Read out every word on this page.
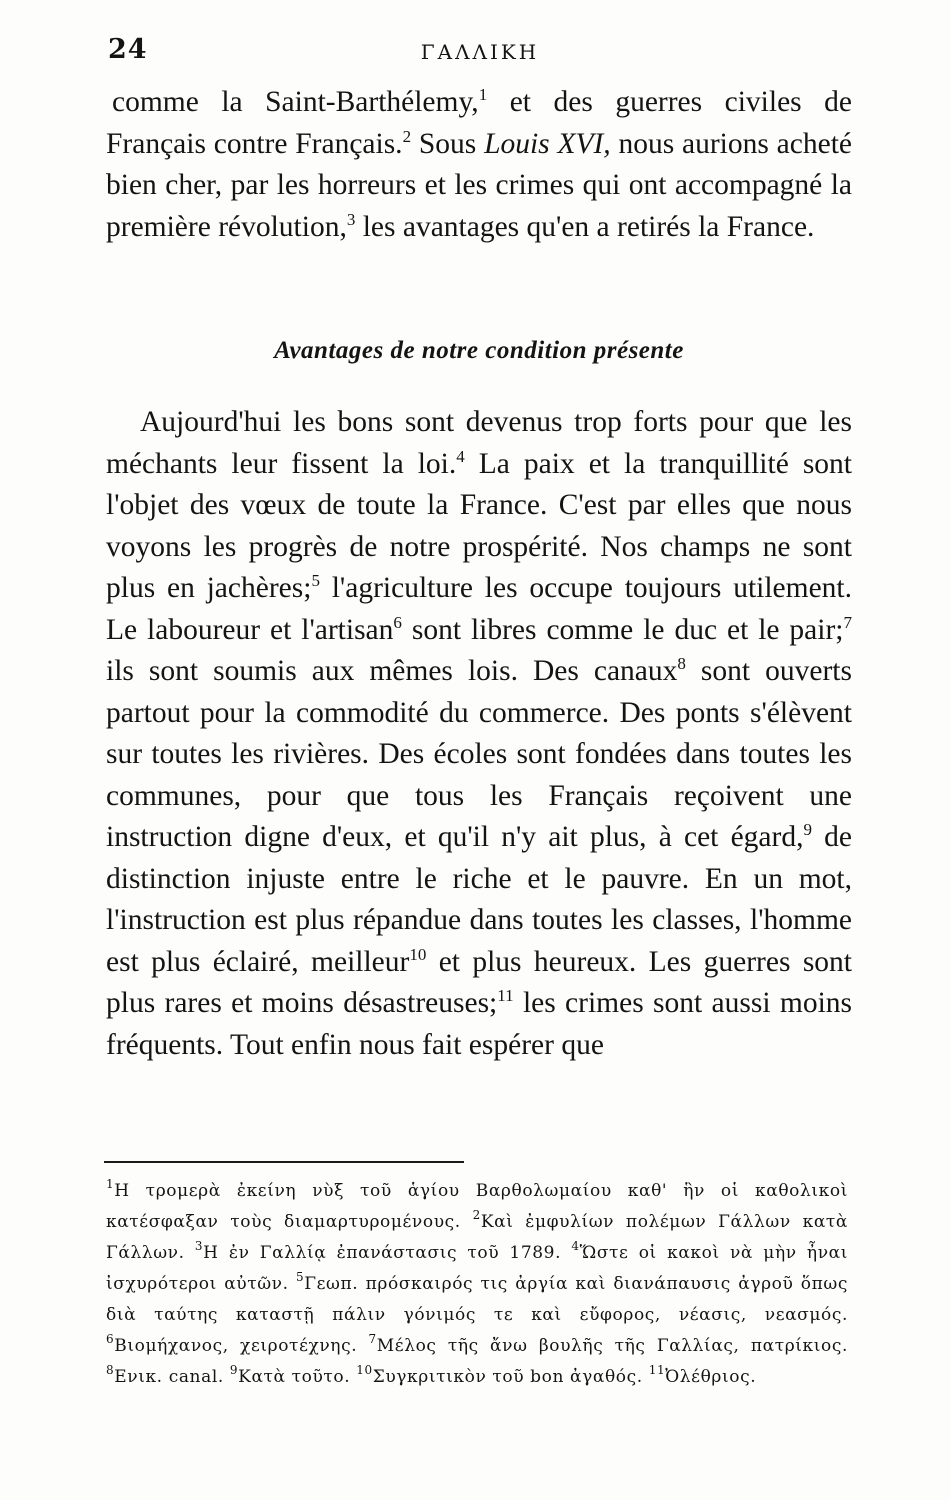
24	ΓΑΛΛΙΚΗ

comme la Saint-Barthélemy,$^1$ et des guerres civiles de Français contre Français.$^2$ Sous Louis XVI, nous aurions acheté bien cher, par les horreurs et les crimes qui ont accompagné la première révolution,$^3$ les avantages qu'en a retirés la France.

Avantages de notre condition présente

Aujourd'hui les bons sont devenus trop forts pour que les méchants leur fissent la loi.$^4$ La paix et la tranquillité sont l'objet des vœux de toute la France. C'est par elles que nous voyons les progrès de notre prospérité. Nos champs ne sont plus en jachères;$^5$ l'agriculture les occupe toujours utilement. Le laboureur et l'artisan$^6$ sont libres comme le duc et le pair;$^7$ ils sont soumis aux mêmes lois. Des canaux$^8$ sont ouverts partout pour la commodité du commerce. Des ponts s'élèvent sur toutes les rivières. Des écoles sont fondées dans toutes les communes, pour que tous les Français reçoivent une instruction digne d'eux, et qu'il n'y ait plus, à cet égard,$^9$ de distinction injuste entre le riche et le pauvre. En un mot, l'instruction est plus répandue dans toutes les classes, l'homme est plus éclairé, meilleur$^{10}$ et plus heureux. Les guerres sont plus rares et moins désastreuses;$^{11}$ les crimes sont aussi moins fréquents. Tout enfin nous fait espérer que

$^1$Η τρομερὰ ἐκείνη νὺξ τοῦ ἁγίου Βαρθολωμαίου καθ' ἣν οἱ καθολικοὶ κατέσφαξαν τοὺς διαμαρτυρομένους. $^2$Καὶ ἐμφυλίων πολέμων Γάλλων κατὰ Γάλλων. $^3$Η ἐν Γαλλίᾳ ἐπανάστασις τοῦ 1789. $^4$Ὥστε οἱ κακοὶ νὰ μὴν ἦναι ἰσχυρότεροι αὐτῶν. $^5$Γεωπ. πρόσκαιρός τις ἀργία καὶ διανάπαυσις ἀγροῦ ὅπως διὰ ταύτης καταστῇ πάλιν γόνιμός τε καὶ εὔφορος, νέασις, νεασμός. $^6$Βιομήχανος, χειροτέχνης. $^7$Μέλος τῆς ἄνω βουλῆς τῆς Γαλλίας, πατρίκιος. $^8$Ενικ. canal. $^9$Κατὰ τοῦτο. $^{10}$Συγκριτικὸν τοῦ bon ἀγαθός. $^{11}$Ὀλέθριος.
